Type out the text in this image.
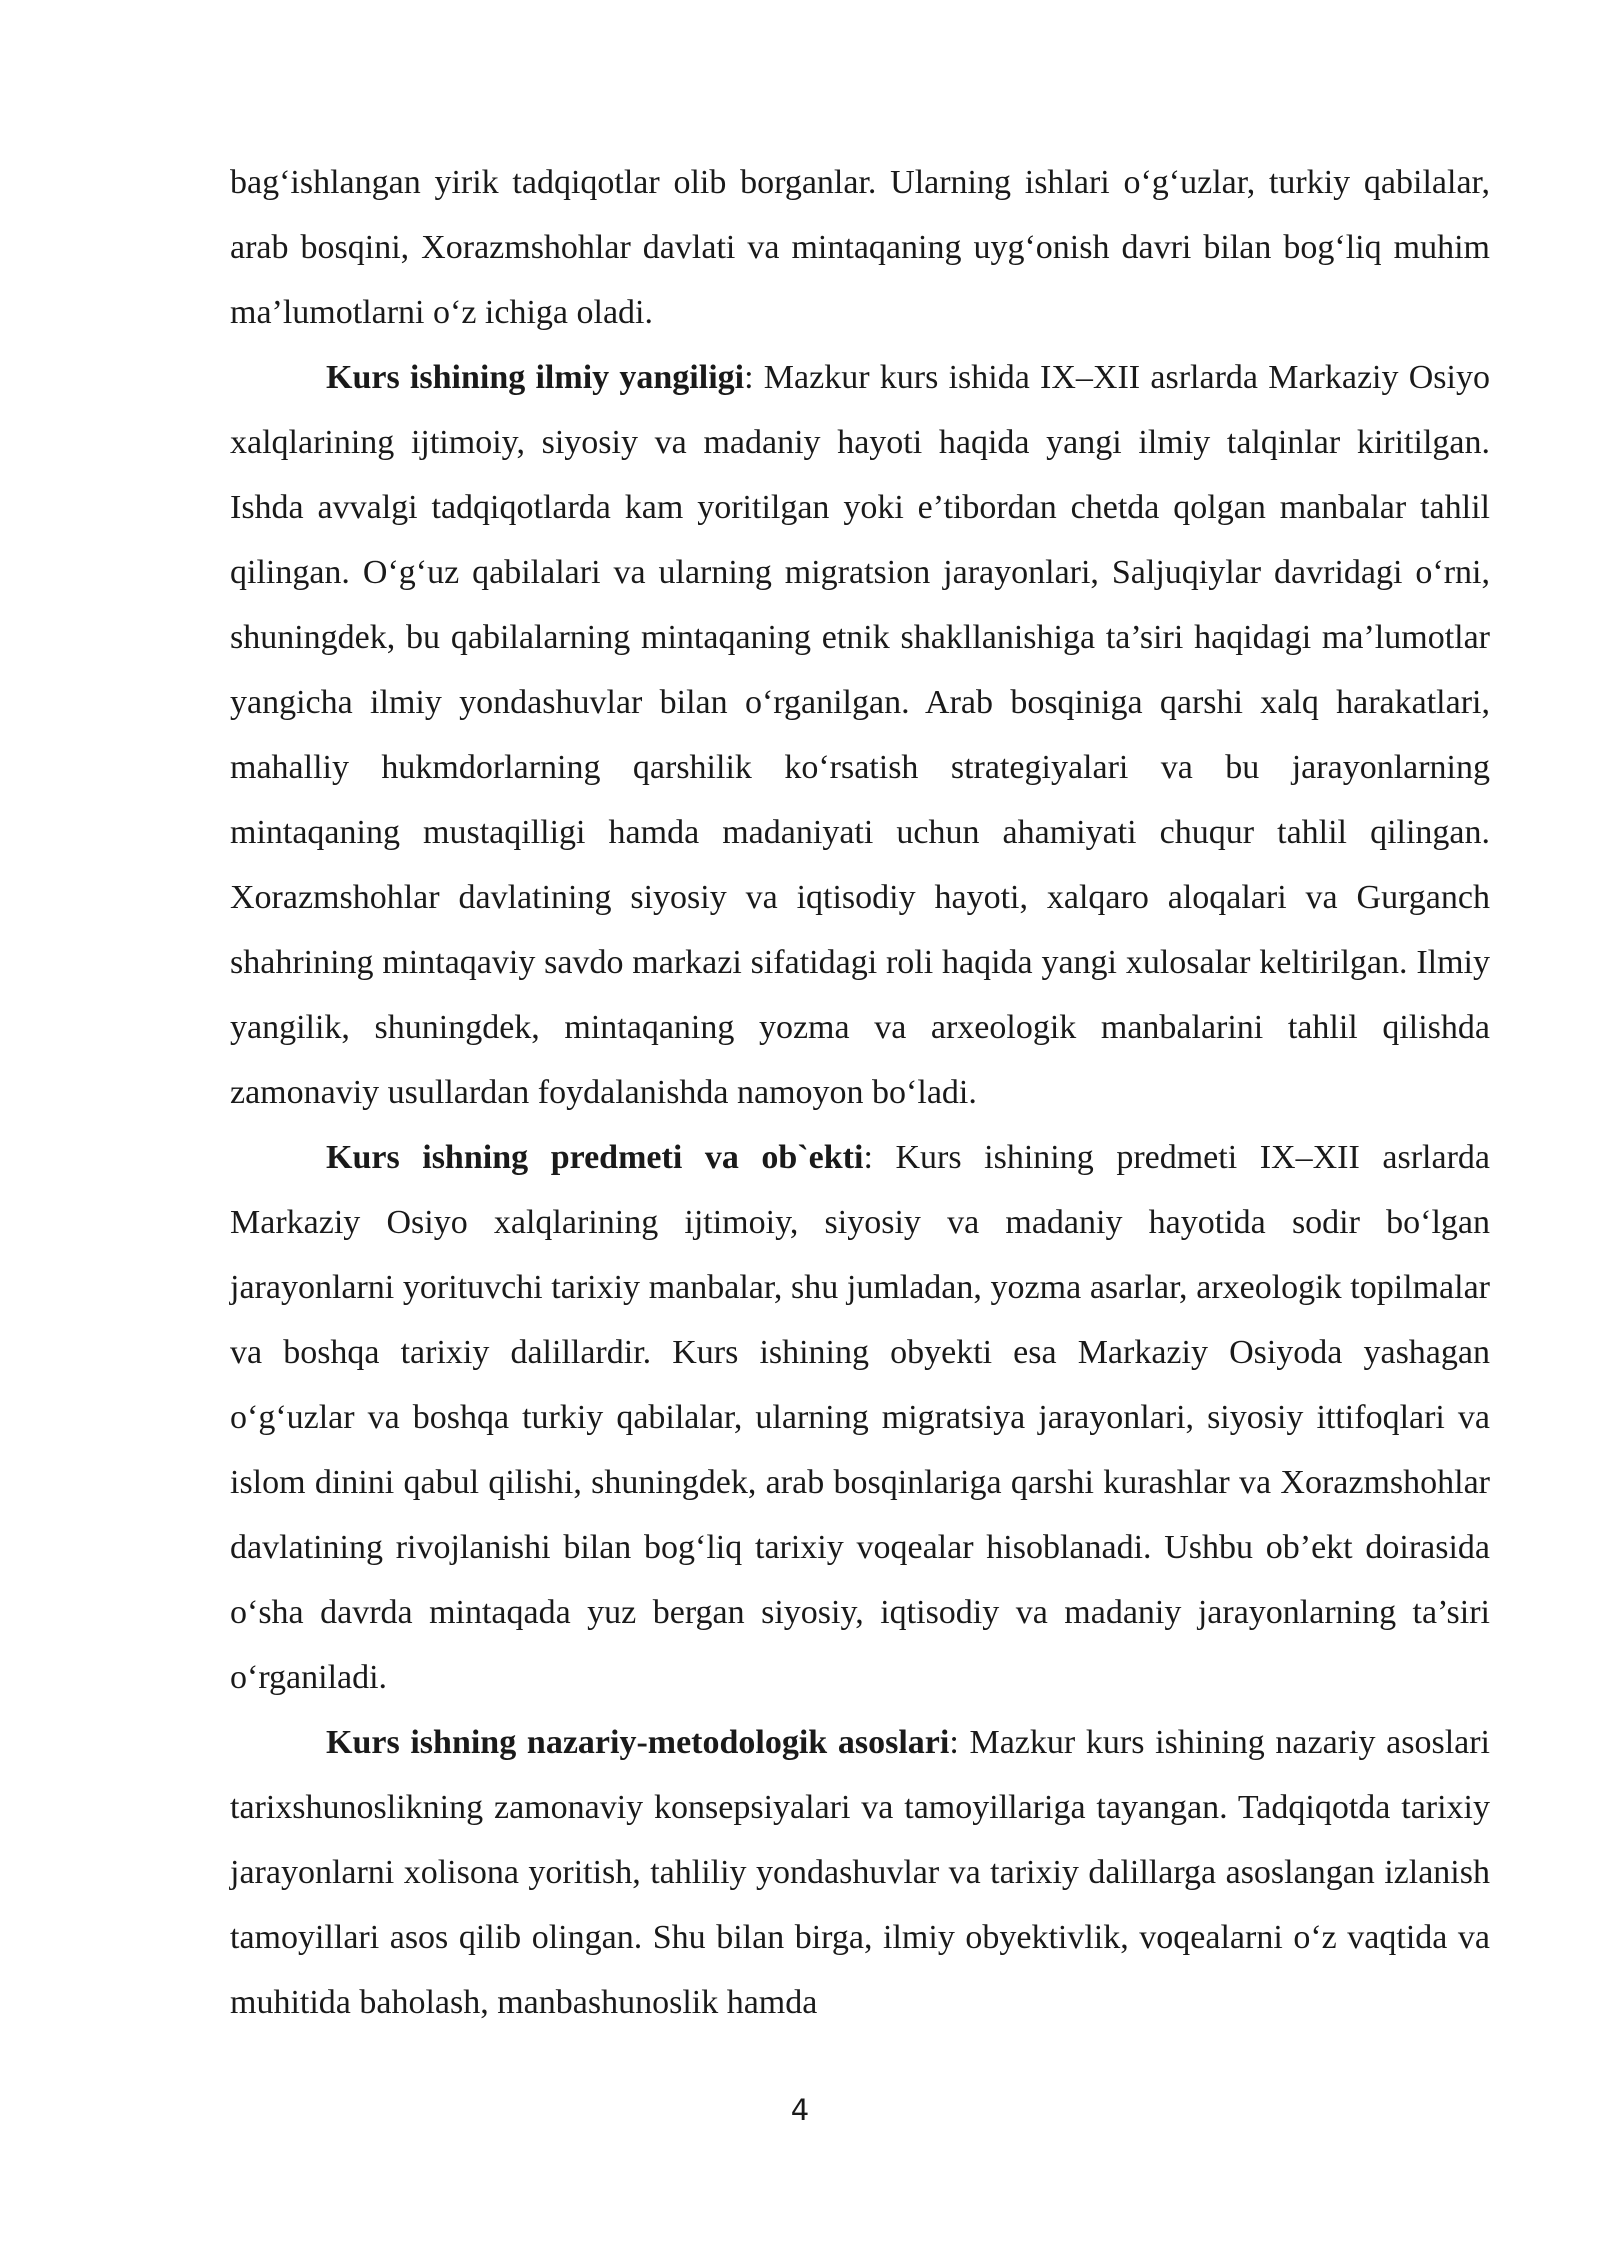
bag‘ishlangan yirik tadqiqotlar olib borganlar. Ularning ishlari o‘g‘uzlar, turkiy qabilalar, arab bosqini, Xorazmshohlar davlati va mintaqaning uyg‘onish davri bilan bog‘liq muhim ma’lumotlarni o‘z ichiga oladi.

Kurs ishining ilmiy yangiligi: Mazkur kurs ishida IX–XII asrlarda Markaziy Osiyo xalqlarining ijtimoiy, siyosiy va madaniy hayoti haqida yangi ilmiy talqinlar kiritilgan. Ishda avvalgi tadqiqotlarda kam yoritilgan yoki e’tibordan chetda qolgan manbalar tahlil qilingan. O‘g‘uz qabilalari va ularning migratsion jarayonlari, Saljuqiylar davridagi o‘rni, shuningdek, bu qabilalarning mintaqaning etnik shakllanishiga ta’siri haqidagi ma’lumotlar yangicha ilmiy yondashuvlar bilan o‘rganilgan. Arab bosqiniga qarshi xalq harakatlari, mahalliy hukmdorlarning qarshilik ko‘rsatish strategiyalari va bu jarayonlarning mintaqaning mustaqilligi hamda madaniyati uchun ahamiyati chuqur tahlil qilingan. Xorazmshohlar davlatining siyosiy va iqtisodiy hayoti, xalqaro aloqalari va Gurganch shahrining mintaqaviy savdo markazi sifatidagi roli haqida yangi xulosalar keltirilgan. Ilmiy yangilik, shuningdek, mintaqaning yozma va arxeologik manbalarini tahlil qilishda zamonaviy usullardan foydalanishda namoyon bo‘ladi.

Kurs ishning predmeti va ob`ekti: Kurs ishining predmeti IX–XII asrlarda Markaziy Osiyo xalqlarining ijtimoiy, siyosiy va madaniy hayotida sodir bo‘lgan jarayonlarni yorituvchi tarixiy manbalar, shu jumladan, yozma asarlar, arxeologik topilmalar va boshqa tarixiy dalillardir. Kurs ishining obyekti esa Markaziy Osiyoda yashagan o‘g‘uzlar va boshqa turkiy qabilalar, ularning migratsiya jarayonlari, siyosiy ittifoqlari va islom dinini qabul qilishi, shuningdek, arab bosqinlariga qarshi kurashlar va Xorazmshohlar davlatining rivojlanishi bilan bog‘liq tarixiy voqealar hisoblanadi. Ushbu ob’ekt doirasida o‘sha davrda mintaqada yuz bergan siyosiy, iqtisodiy va madaniy jarayonlarning ta’siri o‘rganiladi.

Kurs ishning nazariy-metodologik asoslari: Mazkur kurs ishining nazariy asoslari tarixshunoslikning zamonaviy konsepsiyalari va tamoyillariga tayangan. Tadqiqotda tarixiy jarayonlarni xolisona yoritish, tahliliy yondashuvlar va tarixiy dalillarga asoslangan izlanish tamoyillari asos qilib olingan. Shu bilan birga, ilmiy obyektivlik, voqealarni o‘z vaqtida va muhitida baholash, manbashunoslik hamda

4
